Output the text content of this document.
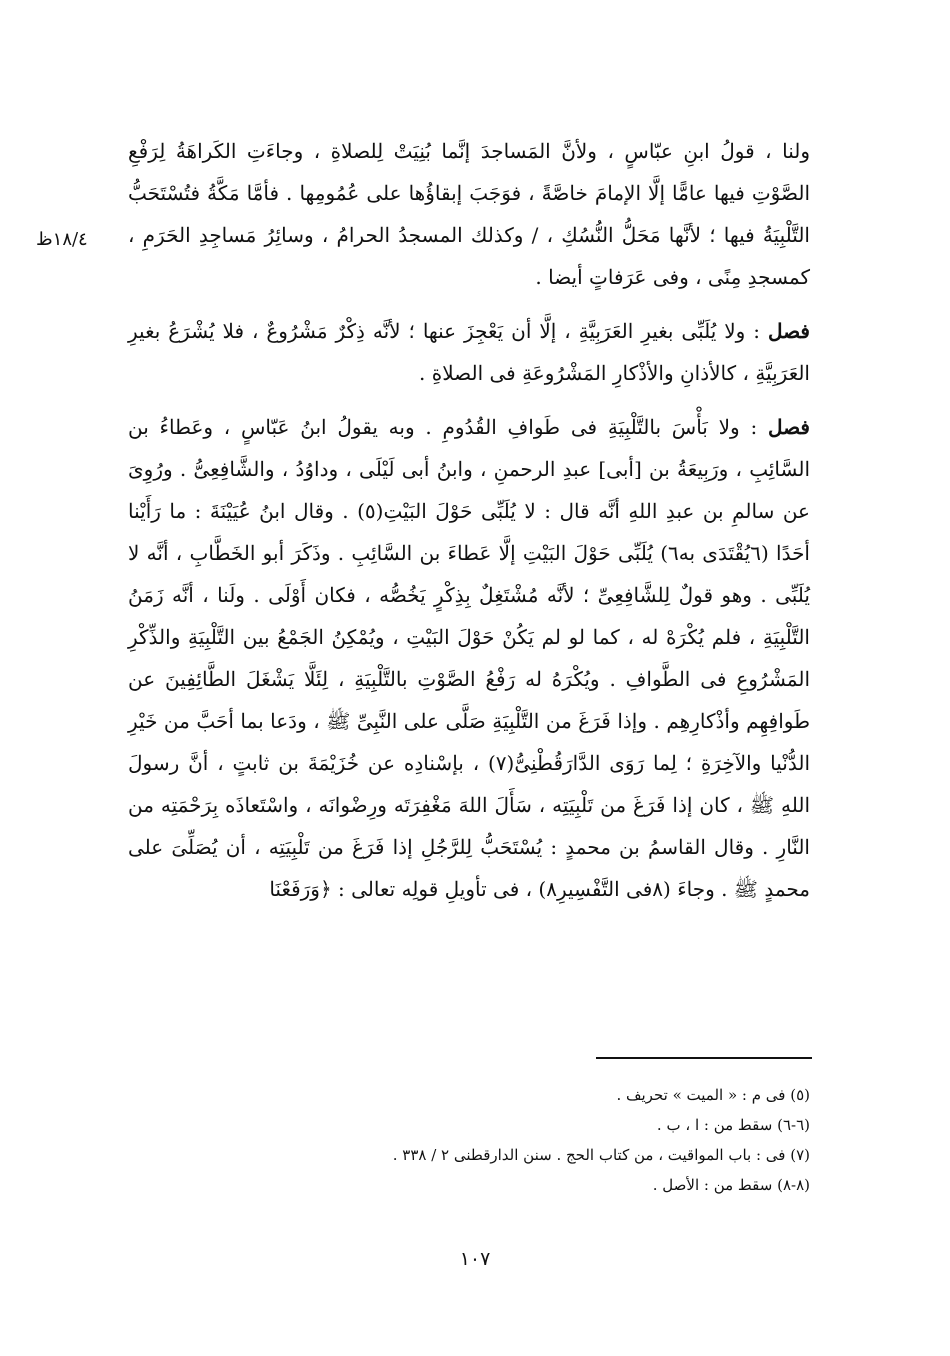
١٨/٤ظ

ولنا ، قولُ ابنِ عبّاسٍ ، ولأنَّ المَساجدَ إنَّما بُنِيَتْ لِلصلاةِ ، وجاءَتِ الكَراهَةُ لِرَفْعِ الصَّوْتِ فيها عامًّا إلَّا الإمامَ خاصَّةً ، فوَجَبَ إبقاؤُها على عُمُومِها . فأمَّا مَكَّةُ فتُسْتَحَبُّ التَّلْبِيَةُ فيها ؛ لأنَّها مَحَلُّ النُّسُكِ ، / وكذلك المسجدُ الحرامُ ، وسائِرُ مَساجِدِ الحَرَمِ ، كمسجدِ مِنًى ، وفى عَرَفاتٍ أيضا .

فصل : ولا يُلَبِّى بغيرِ العَرَبِيَّةِ ، إلَّا أن يَعْجِزَ عنها ؛ لأنَّه ذِكْرٌ مَشْرُوعٌ ، فلا يُشْرَعُ بغيرِ العَرَبِيَّةِ ، كالأذانِ والأذْكارِ المَشْرُوعَةِ فى الصلاةِ .

فصل : ولا بَأْسَ بالتَّلْبِيَةِ فى طَوافِ القُدُومِ . وبه يقولُ ابنُ عَبّاسٍ ، وعَطاءُ بن السَّائِبِ ، ورَبِيعَةُ بن [أبى] عبدِ الرحمنِ ، وابنُ أبى لَيْلَى ، وداوُدُ ، والشَّافِعِىُّ . ورُوِىَ عن سالمِ بن عبدِ اللهِ أنَّه قال : لا يُلَبِّى حَوْلَ البَيْتِ(٥) . وقال ابنُ عُيَيْنَةَ : ما رَأَيْنا أحَدًا (٦يُقْتَدَى به٦) يُلَبِّى حَوْلَ البَيْتِ إلَّا عَطاءَ بن السَّائِبِ . وذَكَرَ أبو الخَطَّابِ ، أنَّه لا يُلَبِّى . وهو قولٌ لِلشَّافِعِىِّ ؛ لأنَّه مُشْتَغِلٌ بِذِكْرٍ يَخُصُّه ، فكان أَوْلَى . ولَنا ، أنَّه زَمَنُ التَّلْبِيَةِ ، فلم يُكْرَهْ له ، كما لو لم يَكُنْ حَوْلَ البَيْتِ ، ويُمْكِنُ الجَمْعُ بين التَّلْبِيَةِ والذِّكْرِ المَشْرُوعِ فى الطَّوافِ . ويُكْرَهُ له رَفْعُ الصَّوْتِ بالتَّلْبِيَةِ ، لِئَلَّا يَشْغَلَ الطَّائِفِينَ عن طَوافِهِم وأذْكارِهِم . وإذا فَرَغَ من التَّلْبِيَةِ صَلَّى على النَّبِىِّ ﷺ ، ودَعا بما أحَبَّ من خَيْرِ الدُّنْيا والآخِرَةِ ؛ لِما رَوَى الدَّارَقُطْنِىُّ(٧) ، بإسْنادِه عن خُزَيْمَةَ بن ثابتٍ ، أنَّ رسولَ اللهِ ﷺ ، كان إذا فَرَغَ من تَلْبِيَتِه ، سَأَلَ اللهَ مَغْفِرَتَه ورِضْوانَه ، واسْتَعاذَه بِرَحْمَتِه من النَّارِ . وقال القاسمُ بن محمدٍ : يُسْتَحَبُّ لِلرَّجُلِ إذا فَرَغَ من تَلْبِيَتِه ، أن يُصَلِّىَ على محمدٍ ﷺ . وجاءَ (٨فى التَّفْسِيرِ٨) ، فى تأويلِ قولِه تعالى : ﴿وَرَفَعْنَا

(٥) فى م : « الميت » تحريف .
(٦-٦) سقط من : ا ، ب .
(٧) فى : باب المواقيت ، من كتاب الحج . سنن الدارقطنى ٢ / ٣٣٨ .
(٨-٨) سقط من : الأصل .
١٠٧
